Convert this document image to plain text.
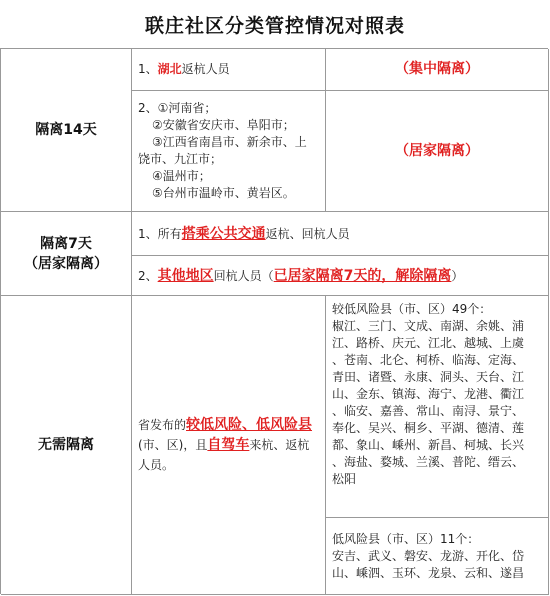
联庄社区分类管控情况对照表
隔离14天
1、湖北返杭人员	（集中隔离）
2、①河南省；
②安徽省安庆市、阜阳市；
③江西省南昌市、新余市、上
饶市、九江市；
④温州市；
⑤台州市温岭市、黄岩区。
（居家隔离）
隔离7天
（居家隔离）
1、所有搭乘公共交通返杭、回杭人员
2、其他地区回杭人员（已居家隔离7天的，解除隔离）
无需隔离
省发布的较低风险、低风险县(市、区)，且自驾车来杭、返杭人员。
较低风险县（市、区）49个：
椒江、三门、文成、南湖、余姚、浦
江、路桥、庆元、江北、越城、上虞
、苍南、北仑、柯桥、临海、定海、
青田、诸暨、永康、洞头、天台、江
山、金东、镇海、海宁、龙港、衢江
、临安、嘉善、常山、南浔、景宁、
奉化、吴兴、桐乡、平湖、德清、莲
都、象山、嵊州、新昌、柯城、长兴
、海盐、婺城、兰溪、普陀、缙云、
松阳
低风险县（市、区）11个：
安吉、武义、磐安、龙游、开化、岱
山、嵊泗、玉环、龙泉、云和、遂昌
